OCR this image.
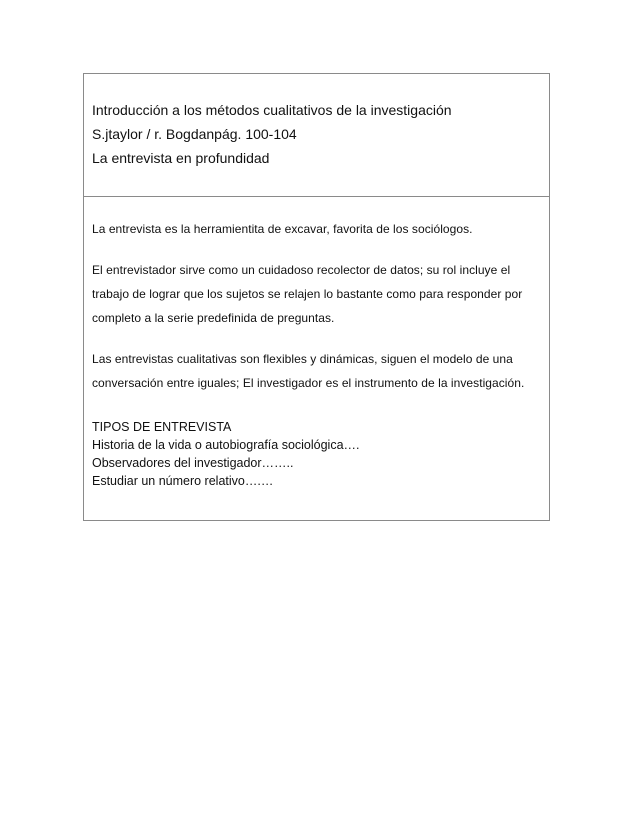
Introducción a los métodos cualitativos de la investigación
S.jtaylor / r. Bogdanpág. 100-104
La entrevista en profundidad

La entrevista es la herramientita de excavar, favorita de los sociólogos.

El entrevistador sirve como un cuidadoso recolector de datos; su rol incluye el trabajo de lograr que los sujetos se relajen lo bastante como para responder por completo a la serie predefinida de preguntas.

Las entrevistas cualitativas son flexibles y dinámicas, siguen el modelo de una conversación entre iguales; El investigador es el instrumento de la investigación.

TIPOS DE ENTREVISTA
Historia de la vida o autobiografía sociológica….
Observadores del investigador……..
Estudiar un número relativo….…
